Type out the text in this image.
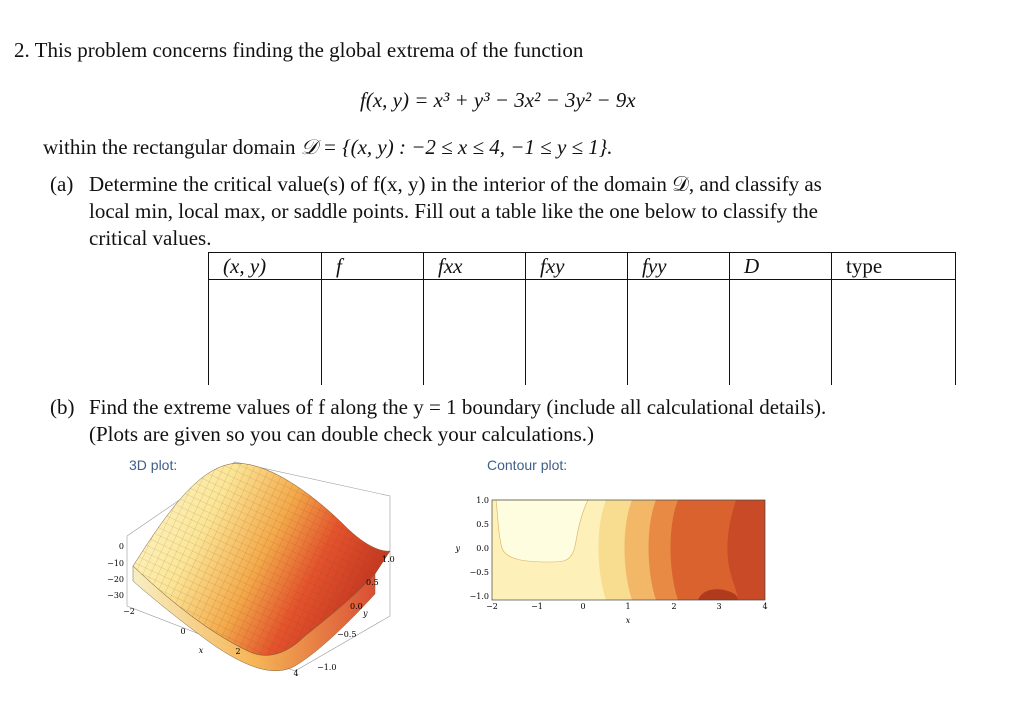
2. This problem concerns finding the global extrema of the function
f(x, y) = x³ + y³ − 3x² − 3y² − 9x
within the rectangular domain 𝒟 = {(x, y) : −2 ≤ x ≤ 4, −1 ≤ y ≤ 1}.
(a) Determine the critical value(s) of f(x, y) in the interior of the domain 𝒟, and classify as
local min, local max, or saddle points. Fill out a table like the one below to classify the
critical values.
(x, y)	f	fxx	fxy	fyy	D	type

(b) Find the extreme values of f along the y = 1 boundary (include all calculational details).
(Plots are given so you can double check your calculations.)
3D plot:	Contour plot:
0
−10
−20
−30
−2
0
2
4
x
1.0
0.5
0.0
−0.5
−1.0
y
1.0
0.5
0.0
−0.5
−1.0
y
−2	−1	0	1	2	3	4
x
